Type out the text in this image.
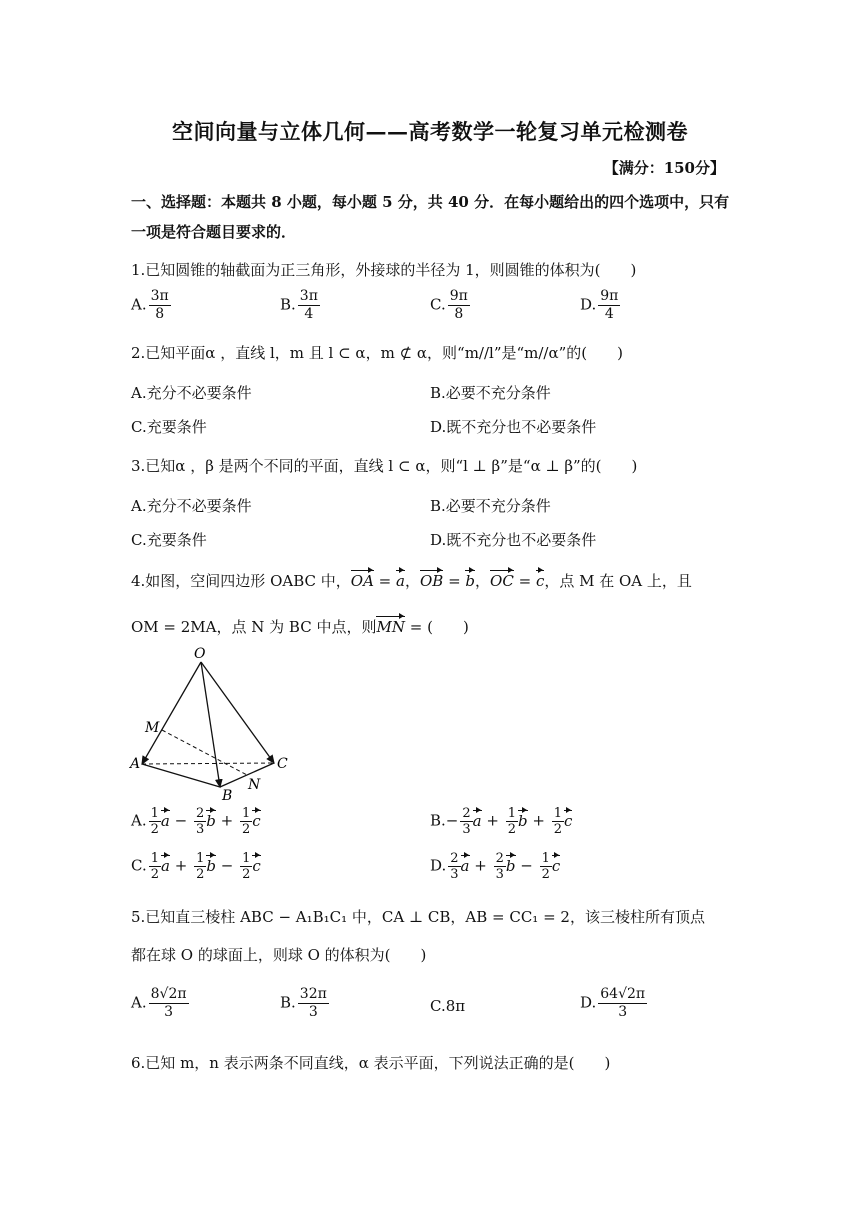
空间向量与立体几何——高考数学一轮复习单元检测卷
【满分：150分】
一、选择题：本题共 8 小题，每小题 5 分，共 40 分．在每小题给出的四个选项中，只有一项是符合题目要求的．
1.已知圆锥的轴截面为正三角形，外接球的半径为 1，则圆锥的体积为(　　)
A. $\frac{3\pi}{8}$	B. $\frac{3\pi}{4}$	C. $\frac{9\pi}{8}$	D. $\frac{9\pi}{4}$
2.已知平面α ，直线 l，m 且 l ⊂ α，m ⊄ α，则“m//l”是“m//α”的(　　)
A.充分不必要条件	B.必要不充分条件
C.充要条件	D.既不充分也不必要条件
3.已知α ，β 是两个不同的平面，直线 l ⊂ α，则“l ⊥ β”是“α ⊥ β”的(　　)
A.充分不必要条件	B.必要不充分条件
C.充要条件	D.既不充分也不必要条件
4.如图，空间四边形 OABC 中，OA = a，OB = b，OC = c，点 M 在 OA 上，且
OM = 2MA，点 N 为 BC 中点，则MN = (　　)
O
M
A
B
N
C
A. $\frac{1}{2}$ $a - \frac{2}{3}$ $b + \frac{1}{2}$ c	$B.- \frac{2}{3}$ $a + \frac{1}{2}$ $b + \frac{1}{2}$ c
C. $\frac{1}{2}$ $a + \frac{1}{2}$ $b - \frac{1}{2}$ c	D. $\frac{2}{3}$ $a + \frac{2}{3}$ $b - \frac{1}{2}$ c
5.已知直三棱柱 ABC − A₁B₁C₁ 中，CA ⊥ CB，AB = CC₁ = 2，该三棱柱所有顶点
都在球 O 的球面上，则球 O 的体积为(　　)
A. $\frac{8√2\pi}{3}$	B. $\frac{32\pi}{3}$	C.8π	D. $\frac{64√2\pi}{3}$
6.已知 m，n 表示两条不同直线，α 表示平面，下列说法正确的是(　　)
